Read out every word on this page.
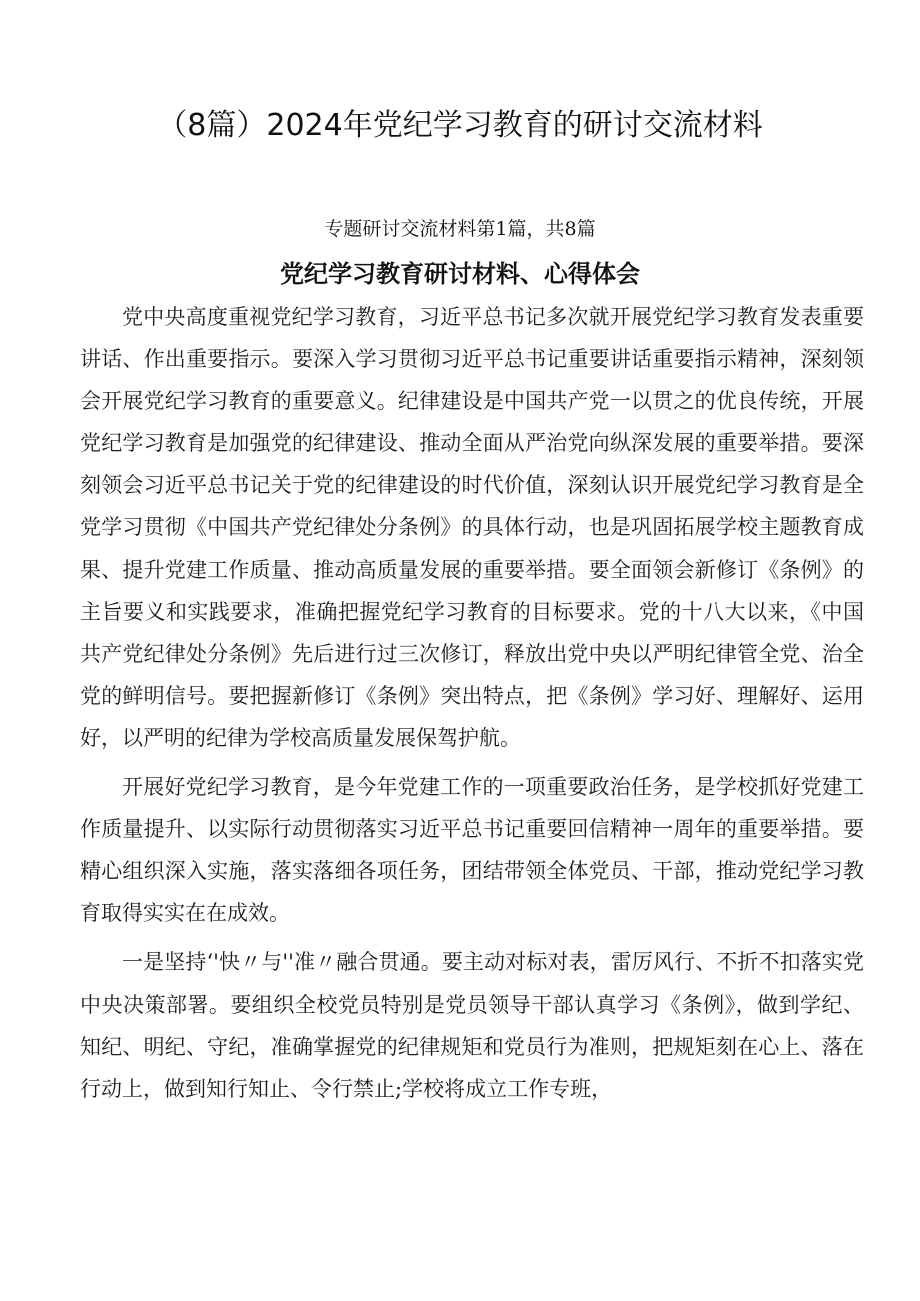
（8篇）2024年党纪学习教育的研讨交流材料
专题研讨交流材料第1篇，共8篇
党纪学习教育研讨材料、心得体会

党中央高度重视党纪学习教育，习近平总书记多次就开展党纪学习教育发表重要讲话、作出重要指示。要深入学习贯彻习近平总书记重要讲话重要指示精神，深刻领会开展党纪学习教育的重要意义。纪律建设是中国共产党一以贯之的优良传统，开展党纪学习教育是加强党的纪律建设、推动全面从严治党向纵深发展的重要举措。要深刻领会习近平总书记关于党的纪律建设的时代价值，深刻认识开展党纪学习教育是全党学习贯彻《中国共产党纪律处分条例》的具体行动，也是巩固拓展学校主题教育成果、提升党建工作质量、推动高质量发展的重要举措。要全面领会新修订《条例》的主旨要义和实践要求，准确把握党纪学习教育的目标要求。党的十八大以来，《中国共产党纪律处分条例》先后进行过三次修订，释放出党中央以严明纪律管全党、治全党的鲜明信号。要把握新修订《条例》突出特点，把《条例》学习好、理解好、运用好，以严明的纪律为学校高质量发展保驾护航。

开展好党纪学习教育，是今年党建工作的一项重要政治任务，是学校抓好党建工作质量提升、以实际行动贯彻落实习近平总书记重要回信精神一周年的重要举措。要精心组织深入实施，落实落细各项任务，团结带领全体党员、干部，推动党纪学习教育取得实实在在成效。

一是坚持‘'快〃与''准〃融合贯通。要主动对标对表，雷厉风行、不折不扣落实党中央决策部署。要组织全校党员特别是党员领导干部认真学习《条例》，做到学纪、知纪、明纪、守纪，准确掌握党的纪律规矩和党员行为准则，把规矩刻在心上、落在行动上，做到知行知止、令行禁止;学校将成立工作专班，
